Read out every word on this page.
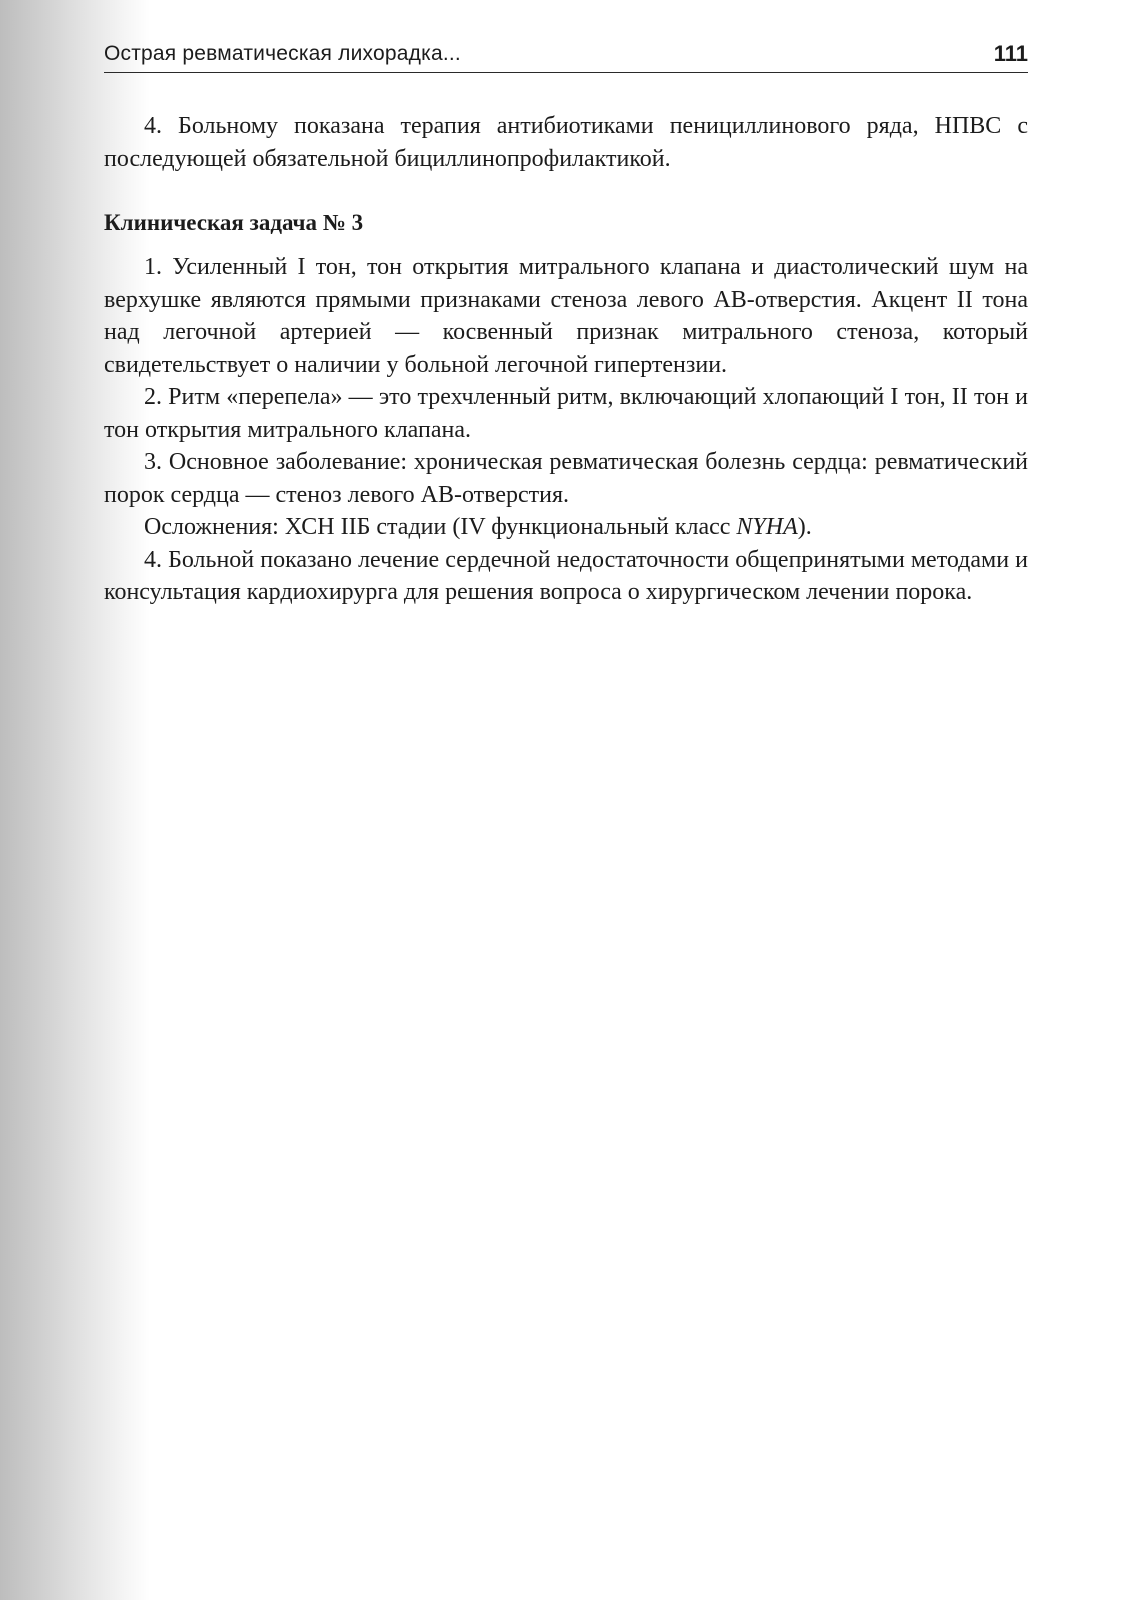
Острая ревматическая лихорадка...	111

4. Больному показана терапия антибиотиками пенициллинового ряда, НПВС с последующей обязательной бициллинопрофилактикой.

Клиническая задача № 3

1. Усиленный I тон, тон открытия митрального клапана и диастолический шум на верхушке являются прямыми признаками стеноза левого АВ-отверстия. Акцент II тона над легочной артерией — косвенный признак митрального стеноза, который свидетельствует о наличии у больной легочной гипертензии.

2. Ритм «перепела» — это трехчленный ритм, включающий хлопающий I тон, II тон и тон открытия митрального клапана.

3. Основное заболевание: хроническая ревматическая болезнь сердца: ревматический порок сердца — стеноз левого АВ-отверстия.

Осложнения: ХСН IIБ стадии (IV функциональный класс NYHA).

4. Больной показано лечение сердечной недостаточности общепринятыми методами и консультация кардиохирурга для решения вопроса о хирургическом лечении порока.
